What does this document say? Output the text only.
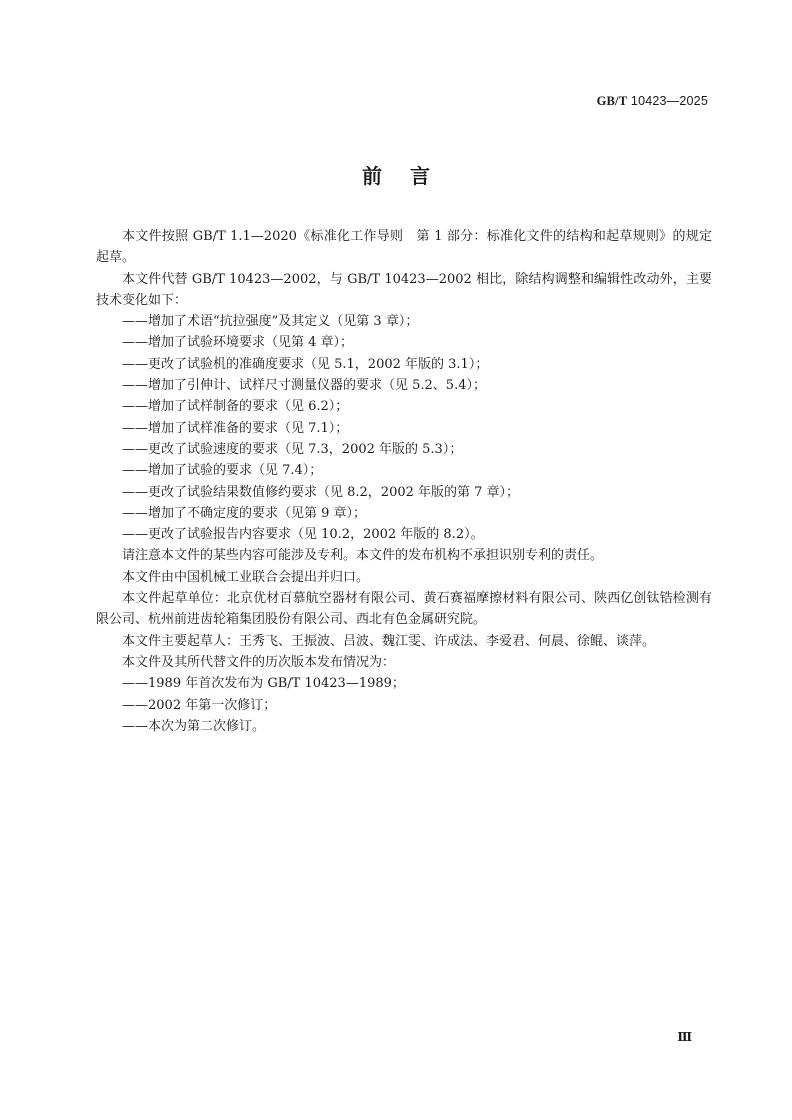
GB/T 10423—2025
前言

本文件按照 GB/T 1.1—2020《标准化工作导则　第 1 部分：标准化文件的结构和起草规则》的规定起草。

本文件代替 GB/T 10423—2002，与 GB/T 10423—2002 相比，除结构调整和编辑性改动外，主要技术变化如下：

——增加了术语“抗拉强度”及其定义（见第 3 章）；

——增加了试验环境要求（见第 4 章）；

——更改了试验机的准确度要求（见 5.1，2002 年版的 3.1）；

——增加了引伸计、试样尺寸测量仪器的要求（见 5.2、5.4）；

——增加了试样制备的要求（见 6.2）；

——增加了试样准备的要求（见 7.1）；

——更改了试验速度的要求（见 7.3，2002 年版的 5.3）；

——增加了试验的要求（见 7.4）；

——更改了试验结果数值修约要求（见 8.2，2002 年版的第 7 章）；

——增加了不确定度的要求（见第 9 章）；

——更改了试验报告内容要求（见 10.2，2002 年版的 8.2）。

请注意本文件的某些内容可能涉及专利。本文件的发布机构不承担识别专利的责任。

本文件由中国机械工业联合会提出并归口。

本文件起草单位：北京优材百慕航空器材有限公司、黄石赛福摩擦材料有限公司、陕西亿创钛锆检测有限公司、杭州前进齿轮箱集团股份有限公司、西北有色金属研究院。

本文件主要起草人：王秀飞、王振波、吕波、魏江雯、许成法、李爱君、何晨、徐鲲、谈萍。

本文件及其所代替文件的历次版本发布情况为：

——1989 年首次发布为 GB/T 10423—1989；

——2002 年第一次修订；

——本次为第二次修订。

Ⅲ
